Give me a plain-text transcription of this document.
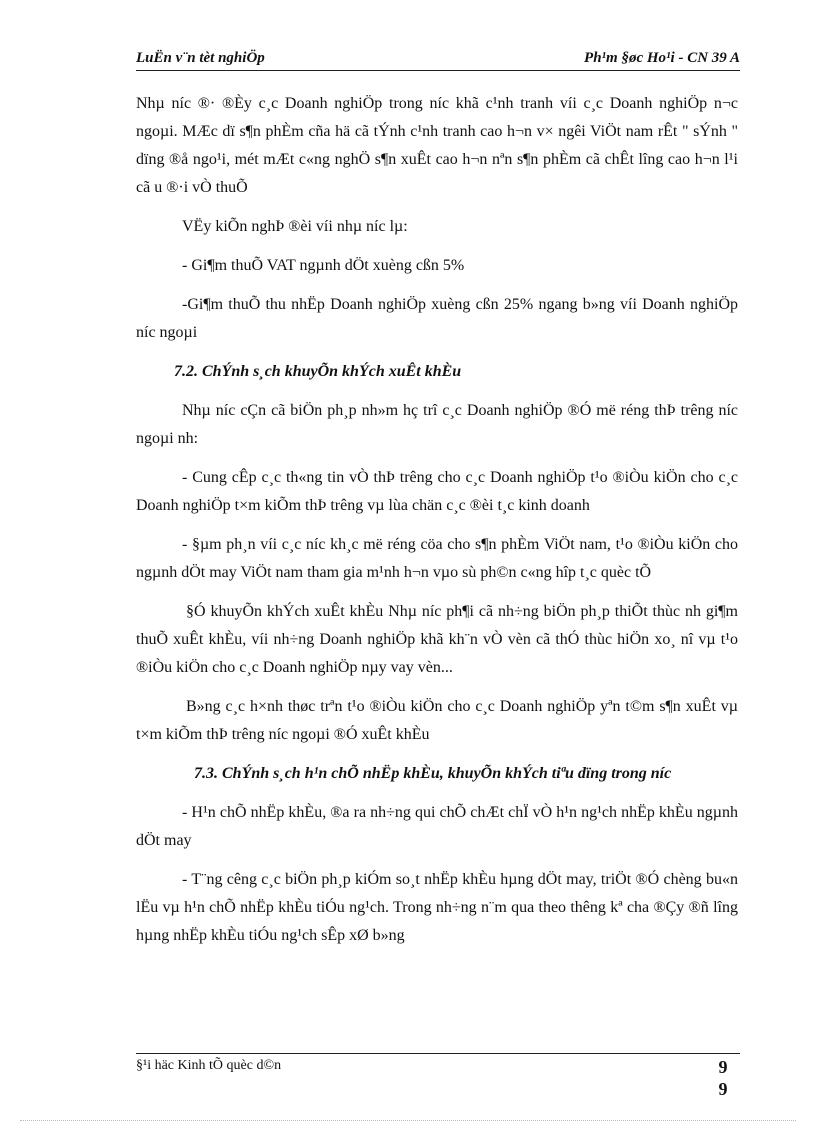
LuËn v¨n tèt nghiÖp	Ph¹m §øc Ho¹i - CN 39 A

Nhµ níc ®· ®Èy c¸c Doanh nghiÖp trong níc khã c¹nh tranh víi c¸c Doanh nghiÖp n¬c ngoµi. MÆc dï s¶n phÈm cña hä cã tÝnh c¹nh tranh cao h¬n v× ngêi ViÖt nam rÊt " sÝnh " dïng ®å ngo¹i, mét mÆt c«ng nghÖ s¶n xuÊt cao h¬n nªn s¶n phÈm cã chÊt lîng cao h¬n l¹i cã u ®·i vÒ thuÕ

VËy kiÕn nghÞ ®èi víi nhµ níc lµ:

- Gi¶m thuÕ VAT ngµnh dÖt xuèng cßn 5%

-Gi¶m thuÕ thu nhËp Doanh nghiÖp xuèng cßn 25% ngang b»ng víi Doanh nghiÖp níc ngoµi

7.2. ChÝnh s¸ch khuyÕn khÝch xuÊt khÈu

Nhµ níc cÇn cã biÖn ph¸p nh»m hç trî c¸c Doanh nghiÖp ®Ó më réng thÞ trêng níc ngoµi nh:

- Cung cÊp c¸c th«ng tin vÒ thÞ trêng cho c¸c Doanh nghiÖp t¹o ®iÒu kiÖn cho c¸c Doanh nghiÖp t×m kiÕm thÞ trêng vµ lùa chän c¸c ®èi t¸c kinh doanh

- §µm ph¸n víi c¸c níc kh¸c më réng cöa cho s¶n phÈm ViÖt nam, t¹o ®iÒu kiÖn cho ngµnh dÖt may ViÖt nam tham gia m¹nh h¬n vµo sù ph©n c«ng hîp t¸c quèc tÕ

§Ó khuyÕn khÝch xuÊt khÈu Nhµ níc ph¶i cã nh÷ng biÖn ph¸p thiÕt thùc nh gi¶m thuÕ xuÊt khÈu, víi nh÷ng Doanh nghiÖp khã kh¨n vÒ vèn cã thÓ thùc hiÖn xo¸ nî vµ t¹o ®iÒu kiÖn cho c¸c Doanh nghiÖp nµy vay vèn...

B»ng c¸c h×nh thøc trªn t¹o ®iÒu kiÖn cho c¸c Doanh nghiÖp yªn t©m s¶n xuÊt vµ t×m kiÕm thÞ trêng níc ngoµi ®Ó xuÊt khÈu

7.3. ChÝnh s¸ch h¹n chÕ nhËp khÈu, khuyÕn khÝch tiªu dïng trong níc

- H¹n chÕ nhËp khÈu, ®a ra nh÷ng qui chÕ chÆt chÏ vÒ h¹n ng¹ch nhËp khÈu ngµnh dÖt may

- T¨ng cêng c¸c biÖn ph¸p kiÓm so¸t nhËp khÈu hµng dÖt may, triÖt ®Ó chèng bu«n lËu vµ h¹n chÕ nhËp khÈu tiÓu ng¹ch. Trong nh÷ng n¨m qua theo thêng kª cha ®Çy ®ñ lîng hµng nhËp khÈu tiÓu ng¹ch sÊp xØ b»ng

§¹i häc Kinh tÕ quèc d©n	9
9
